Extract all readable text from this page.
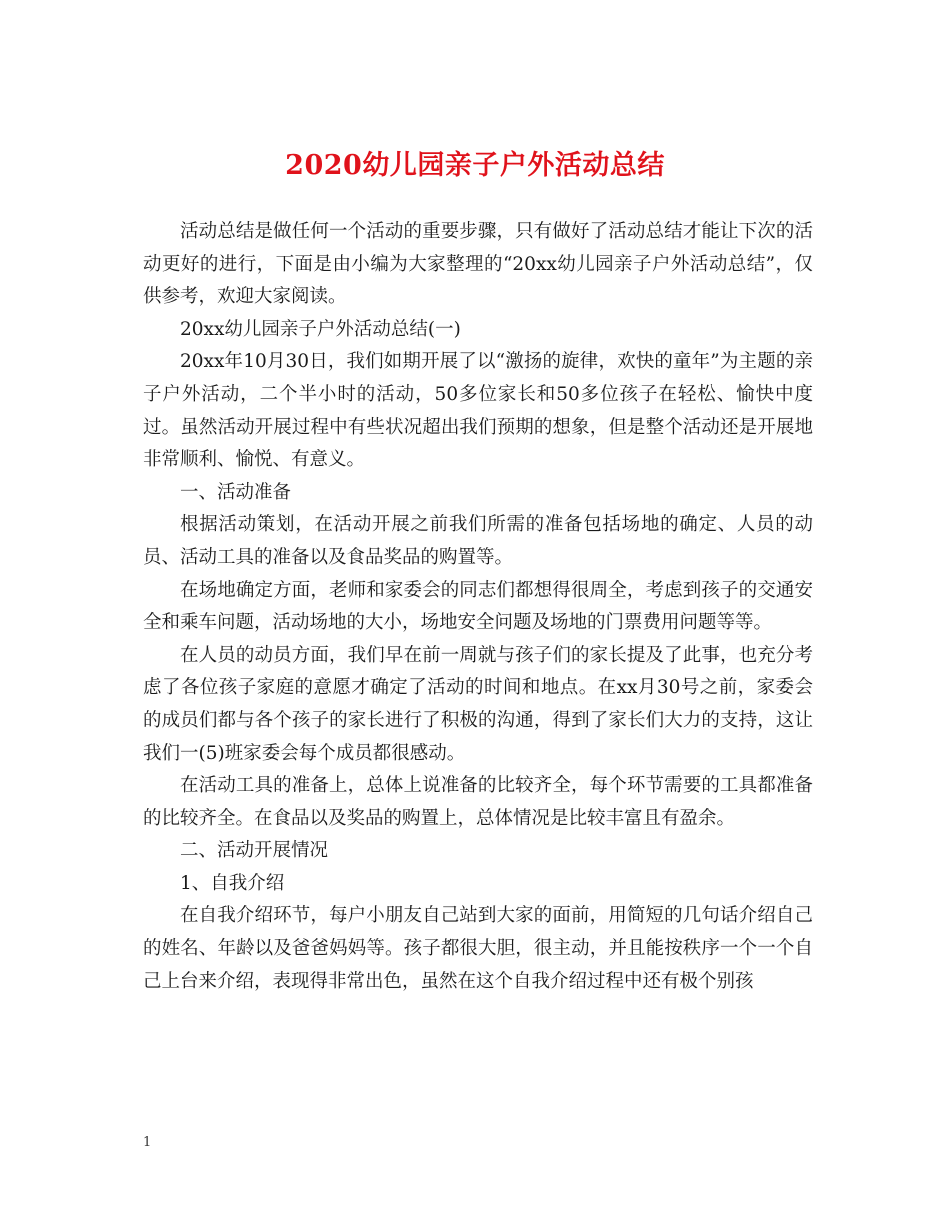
2020幼儿园亲子户外活动总结

活动总结是做任何一个活动的重要步骤，只有做好了活动总结才能让下次的活动更好的进行，下面是由小编为大家整理的“20xx幼儿园亲子户外活动总结”，仅供参考，欢迎大家阅读。

20xx幼儿园亲子户外活动总结(一)

20xx年10月30日，我们如期开展了以“激扬的旋律，欢快的童年”为主题的亲子户外活动，二个半小时的活动，50多位家长和50多位孩子在轻松、愉快中度过。虽然活动开展过程中有些状况超出我们预期的想象，但是整个活动还是开展地非常顺利、愉悦、有意义。

一、活动准备

根据活动策划，在活动开展之前我们所需的准备包括场地的确定、人员的动员、活动工具的准备以及食品奖品的购置等。

在场地确定方面，老师和家委会的同志们都想得很周全，考虑到孩子的交通安全和乘车问题，活动场地的大小，场地安全问题及场地的门票费用问题等等。

在人员的动员方面，我们早在前一周就与孩子们的家长提及了此事，也充分考虑了各位孩子家庭的意愿才确定了活动的时间和地点。在xx月30号之前，家委会的成员们都与各个孩子的家长进行了积极的沟通，得到了家长们大力的支持，这让我们一(5)班家委会每个成员都很感动。

在活动工具的准备上，总体上说准备的比较齐全，每个环节需要的工具都准备的比较齐全。在食品以及奖品的购置上，总体情况是比较丰富且有盈余。

二、活动开展情况

1、自我介绍

在自我介绍环节，每户小朋友自己站到大家的面前，用简短的几句话介绍自己的姓名、年龄以及爸爸妈妈等。孩子都很大胆，很主动，并且能按秩序一个一个自己上台来介绍，表现得非常出色，虽然在这个自我介绍过程中还有极个别孩

1
